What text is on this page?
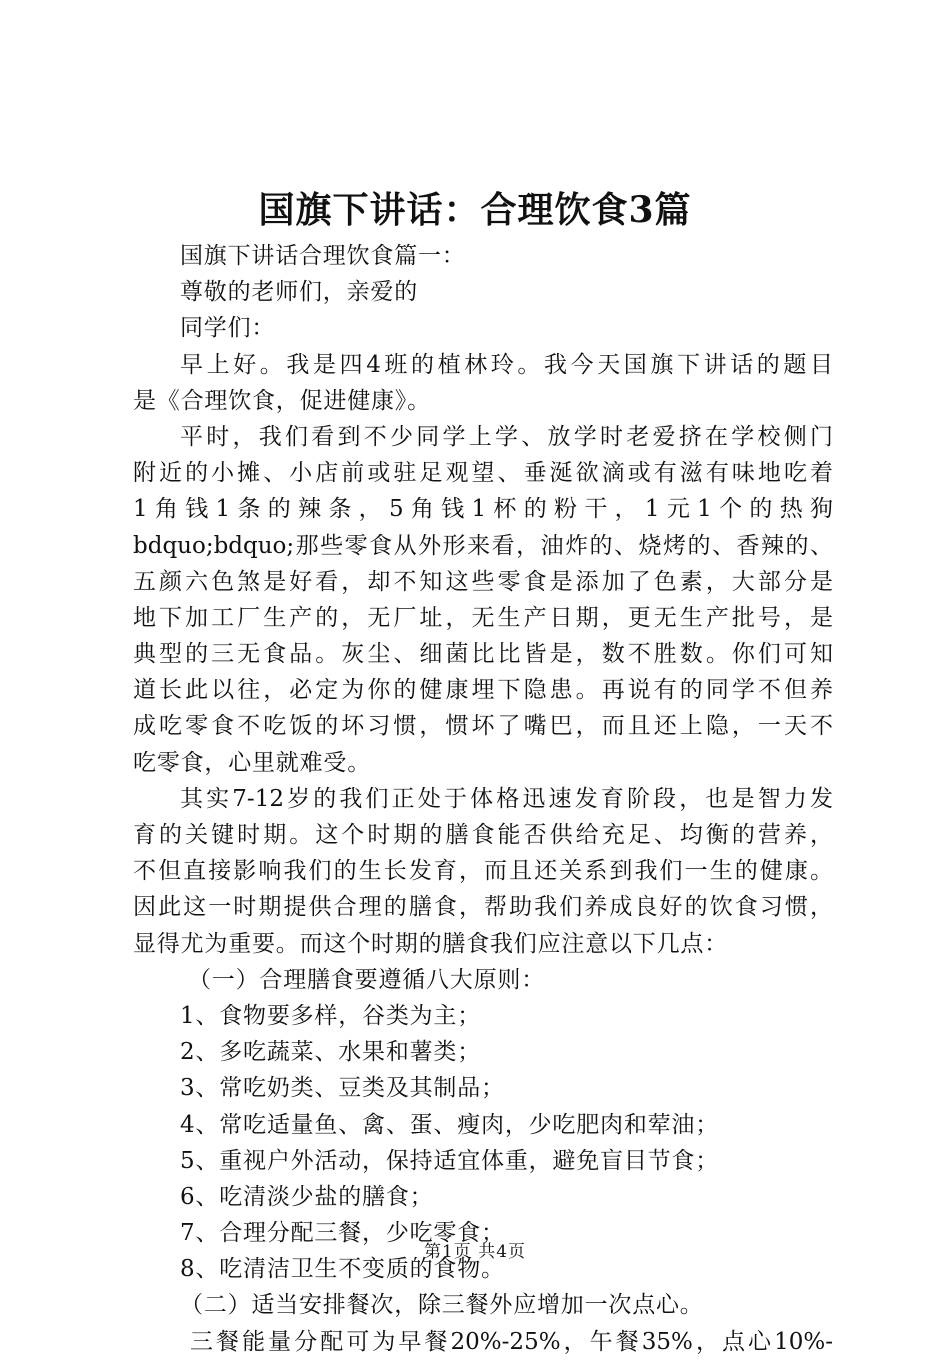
国旗下讲话：合理饮食3篇
国旗下讲话合理饮食篇一：
尊敬的老师们，亲爱的
同学们：
早上好。我是四4班的植林玲。我今天国旗下讲话的题目
是《合理饮食，促进健康》。
平时，我们看到不少同学上学、放学时老爱挤在学校侧门
附近的小摊、小店前或驻足观望、垂涎欲滴或有滋有味地吃着
1角钱1条的辣条，5角钱1杯的粉干，1元1个的热狗
bdquo;bdquo;那些零食从外形来看，油炸的、烧烤的、香辣的、
五颜六色煞是好看，却不知这些零食是添加了色素，大部分是
地下加工厂生产的，无厂址，无生产日期，更无生产批号，是
典型的三无食品。灰尘、细菌比比皆是，数不胜数。你们可知
道长此以往，必定为你的健康埋下隐患。再说有的同学不但养
成吃零食不吃饭的坏习惯，惯坏了嘴巴，而且还上隐，一天不
吃零食，心里就难受。
其实7-12岁的我们正处于体格迅速发育阶段，也是智力发
育的关键时期。这个时期的膳食能否供给充足、均衡的营养，
不但直接影响我们的生长发育，而且还关系到我们一生的健康。
因此这一时期提供合理的膳食，帮助我们养成良好的饮食习惯，
显得尤为重要。而这个时期的膳食我们应注意以下几点：
（一）合理膳食要遵循八大原则：
1、食物要多样，谷类为主；
2、多吃蔬菜、水果和薯类；
3、常吃奶类、豆类及其制品；
4、常吃适量鱼、禽、蛋、瘦肉，少吃肥肉和荤油；
5、重视户外活动，保持适宜体重，避免盲目节食；
6、吃清淡少盐的膳食；
7、合理分配三餐，少吃零食；
8、吃清洁卫生不变质的食物。
（二）适当安排餐次，除三餐外应增加一次点心。
三餐能量分配可为早餐20%-25%，午餐35%，点心10%-
第1页 共4页
